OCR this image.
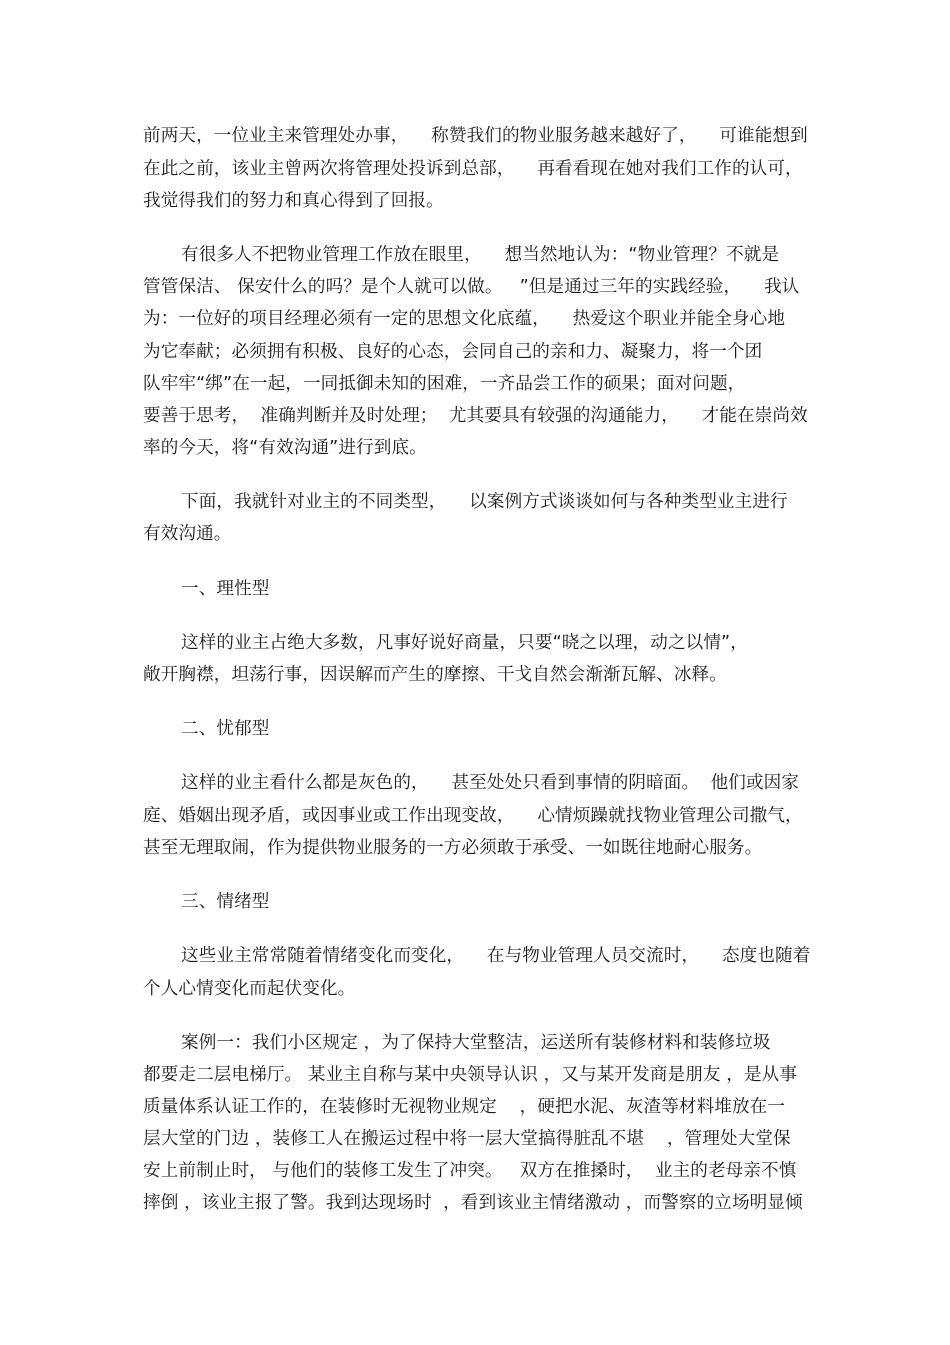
前两天，一位业主来管理处办事，    称赞我们的物业服务越来越好了，    可谁能想到
在此之前，该业主曾两次将管理处投诉到总部，    再看看现在她对我们工作的认可，
我觉得我们的努力和真心得到了回报。
有很多人不把物业管理工作放在眼里，    想当然地认为：“物业管理？不就是
管管保洁、 保安什么的吗？是个人就可以做。   ”但是通过三年的实践经验，    我认
为：一位好的项目经理必须有一定的思想文化底蕴，    热爱这个职业并能全身心地
为它奉献；必须拥有积极、良好的心态，会同自己的亲和力、凝聚力，将一个团
队牢牢“绑”在一起，一同抵御未知的困难，一齐品尝工作的硕果；面对问题，
要善于思考，  准确判断并及时处理；  尤其要具有较强的沟通能力，    才能在崇尚效
率的今天，将“有效沟通”进行到底。
下面，我就针对业主的不同类型，    以案例方式谈谈如何与各种类型业主进行
有效沟通。
一、理性型
这样的业主占绝大多数，凡事好说好商量，只要“晓之以理，动之以情”，
敞开胸襟，坦荡行事，因误解而产生的摩擦、干戈自然会渐渐瓦解、冰释。
二、忧郁型
这样的业主看什么都是灰色的，    甚至处处只看到事情的阴暗面。  他们或因家
庭、婚姻出现矛盾，或因事业或工作出现变故，    心情烦躁就找物业管理公司撒气，
甚至无理取闹，作为提供物业服务的一方必须敢于承受、一如既往地耐心服务。
三、情绪型
这些业主常常随着情绪变化而变化，    在与物业管理人员交流时，    态度也随着
个人心情变化而起伏变化。
案例一：我们小区规定 ，为了保持大堂整洁，运送所有装修材料和装修垃圾
都要走二层电梯厅。 某业主自称与某中央领导认识 ，又与某开发商是朋友 ，是从事
质量体系认证工作的，在装修时无视物业规定    ，硬把水泥、灰渣等材料堆放在一
层大堂的门边 ，装修工人在搬运过程中将一层大堂搞得脏乱不堪    ，管理处大堂保
安上前制止时， 与他们的装修工发生了冲突。   双方在推搡时，  业主的老母亲不慎
摔倒 ，该业主报了警。我到达现场时  ，看到该业主情绪激动 ，而警察的立场明显倾
